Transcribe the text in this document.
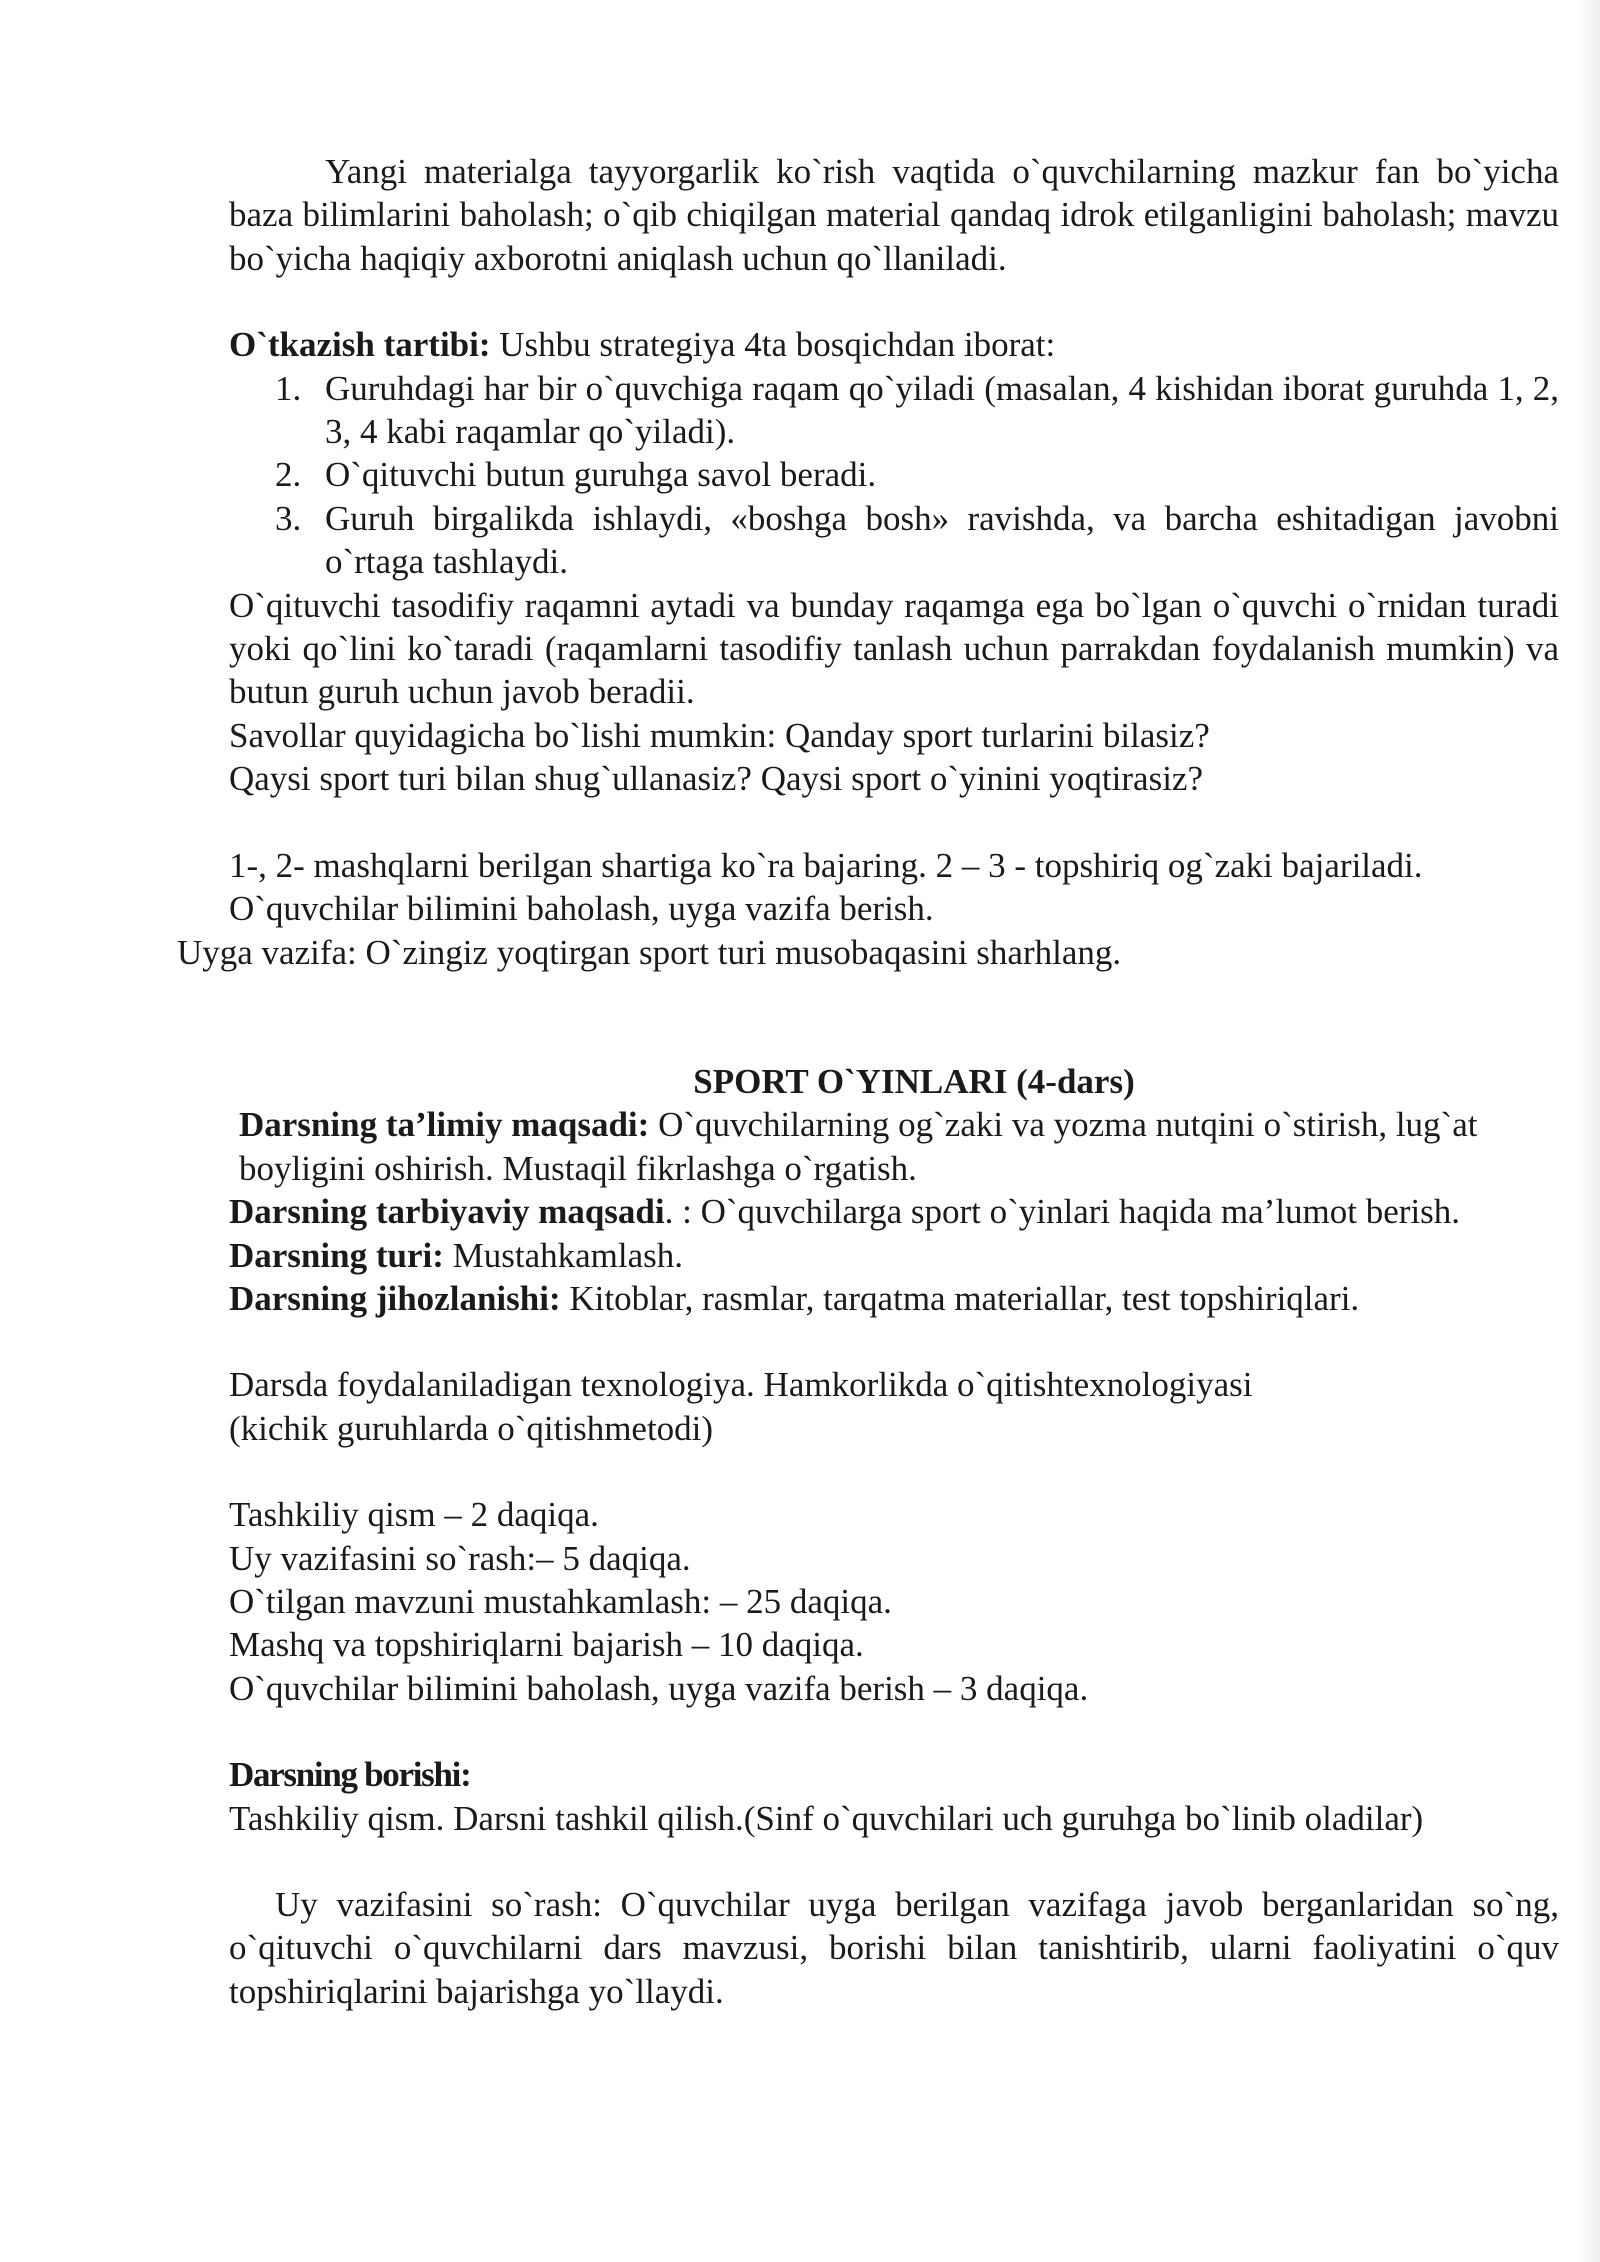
Yangi materialga tayyorgarlik ko`rish vaqtida o`quvchilarning mazkur fan bo`yicha baza bilimlarini baholash; o`qib chiqilgan material qandaq idrok etilganligini baholash; mavzu bo`yicha haqiqiy axborotni aniqlash uchun qo`llaniladi.

O`tkazish tartibi: Ushbu strategiya 4ta bosqichdan iborat:

1. Guruhdagi har bir o`quvchiga raqam qo`yiladi (masalan, 4 kishidan iborat guruhda 1, 2, 3, 4 kabi raqamlar qo`yiladi).
2. O`qituvchi butun guruhga savol beradi.
3. Guruh birgalikda ishlaydi, «boshga bosh» ravishda, va barcha eshitadigan javobni o`rtaga tashlaydi.

O`qituvchi tasodifiy raqamni aytadi va bunday raqamga ega bo`lgan o`quvchi o`rnidan turadi yoki qo`lini ko`taradi (raqamlarni tasodifiy tanlash uchun parrakdan foydalanish mumkin) va butun guruh uchun javob beradii.

Savollar quyidagicha bo`lishi mumkin: Qanday sport turlarini bilasiz?

Qaysi sport turi bilan shug`ullanasiz? Qaysi sport o`yinini yoqtirasiz?

1-, 2- mashqlarni berilgan shartiga ko`ra bajaring. 2 – 3 - topshiriq og`zaki bajariladi.

O`quvchilar bilimini baholash, uyga vazifa berish.

Uyga vazifa: O`zingiz yoqtirgan sport turi musobaqasini sharhlang.

SPORT O`YINLARI (4-dars)

Darsning ta’limiy maqsadi: O`quvchilarning og`zaki va yozma nutqini o`stirish, lug`at boyligini oshirish. Mustaqil fikrlashga o`rgatish.

Darsning tarbiyaviy maqsadi. : O`quvchilarga sport o`yinlari haqida ma’lumot berish.

Darsning turi: Mustahkamlash.

Darsning jihozlanishi: Kitoblar, rasmlar, tarqatma materiallar, test topshiriqlari.

Darsda foydalaniladigan texnologiya. Hamkorlikda o`qitishtexnologiyasi

(kichik guruhlarda o`qitishmetodi)

Tashkiliy qism – 2 daqiqa.

Uy vazifasini so`rash:– 5 daqiqa.

O`tilgan mavzuni mustahkamlash: – 25 daqiqa.

Mashq va topshiriqlarni bajarish – 10 daqiqa.

O`quvchilar bilimini baholash, uyga vazifa berish – 3 daqiqa.

Darsning borishi:

Tashkiliy qism. Darsni tashkil qilish.(Sinf o`quvchilari uch guruhga bo`linib oladilar)

Uy vazifasini so`rash: O`quvchilar uyga berilgan vazifaga javob berganlaridan so`ng, o`qituvchi o`quvchilarni dars mavzusi, borishi bilan tanishtirib, ularni faoliyatini o`quv topshiriqlarini bajarishga yo`llaydi.
